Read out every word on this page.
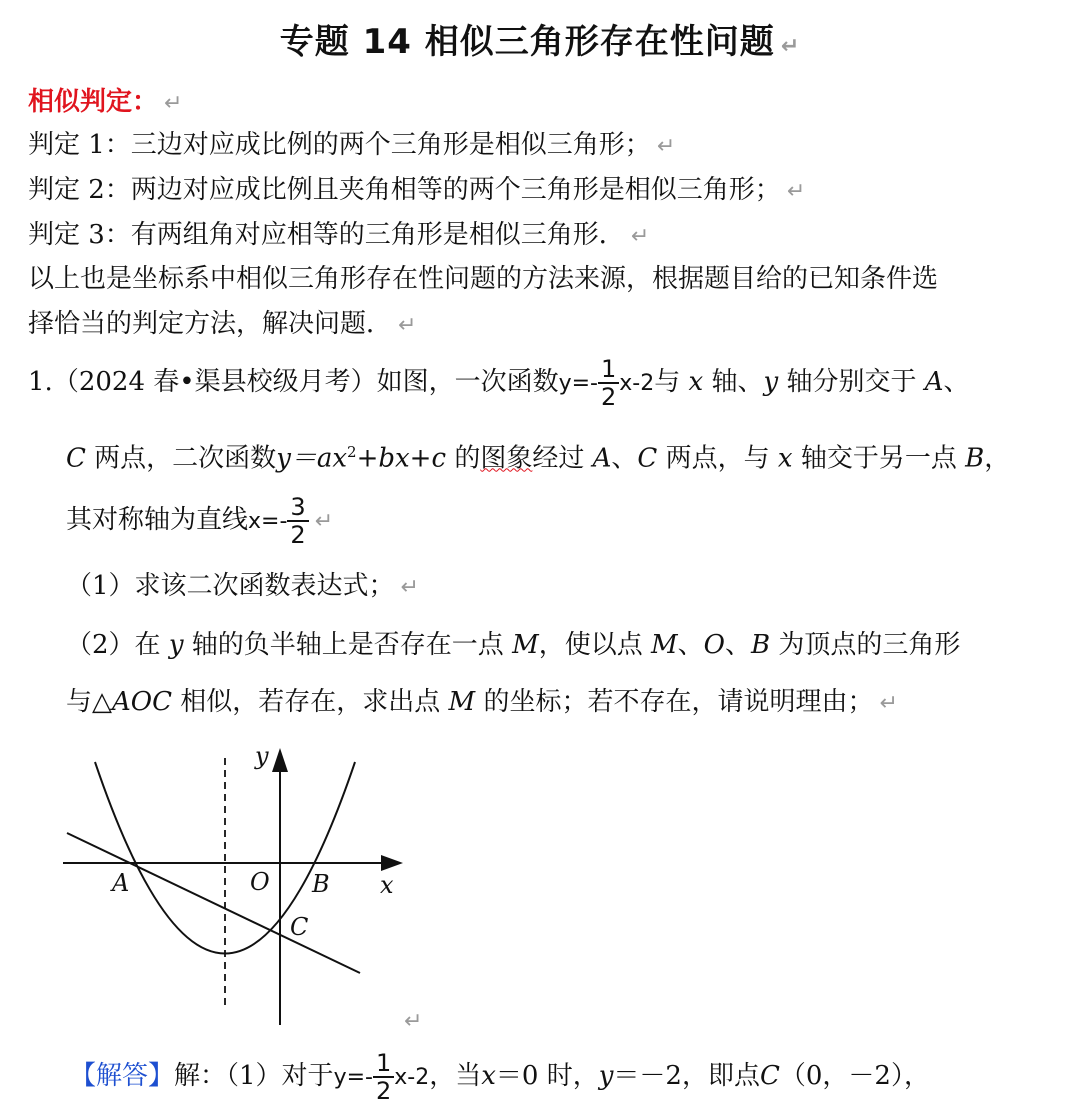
专题 14 相似三角形存在性问题 ↵
相似判定： ↵
判定 1：三边对应成比例的两个三角形是相似三角形； ↵
判定 2：两边对应成比例且夹角相等的两个三角形是相似三角形； ↵
判定 3：有两组角对应相等的三角形是相似三角形． ↵
以上也是坐标系中相似三角形存在性问题的方法来源，根据题目给的已知条件选
择恰当的判定方法，解决问题． ↵
1.（2024 春•渠县校级月考）如图，一次函数$y=- \frac{1}{2} x-2$与 x 轴、y 轴分别交于 A、
C 两点，二次函数$y=ax^2+bx+c$ 的图象经过 A、C 两点，与 x 轴交于另一点 B，
其对称轴为直线$x=- \frac{3}{2}$ ↵
（1）求该二次函数表达式； ↵
（2）在 y 轴的负半轴上是否存在一点 M，使以点 M、O、B 为顶点的三角形
与△AOC 相似，若存在，求出点 M 的坐标；若不存在，请说明理由； ↵
y
x
A	O B
C
↵
【解答】解：（1）对于$y=- \frac{1}{2} x-2$，当x＝0 时，y＝－2，即点C（0，－2），
